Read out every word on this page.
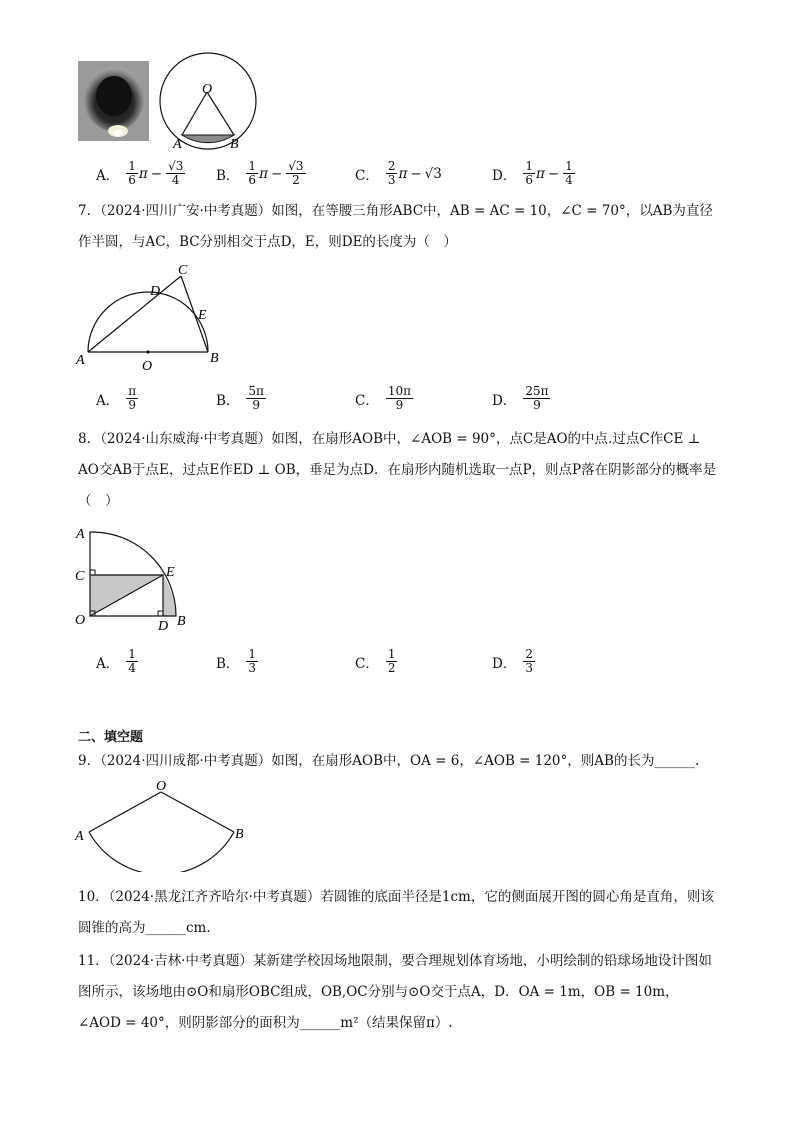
O
A	B
A． $\frac{1}{6}$ $\pi - \frac{√3}{4}$ B． $\frac{1}{6}$ $\pi - \frac{√3}{2}$	C． $\frac{2}{3}$ π − √3	D． $\frac{1}{6}$ $\pi - \frac{1}{4}$

7．（2024·四川广安·中考真题）如图，在等腰三角形ABC中，AB = AC = 10，∠C = 70°，以AB为直径作半圆，与AC，BC分别相交于点D，E，则DE的长度为（　）

A	B
C
D
E
O
A． $\frac{\pi}{9}$	B． $\frac{5\pi}{9}$	C． $\frac{10\pi}{9}$	D． $\frac{25\pi}{9}$

8．（2024·山东威海·中考真题）如图，在扇形AOB中，∠AOB = 90°，点C是AO的中点.过点C作CE ⊥ AO交AB于点E，过点E作ED ⊥ OB，垂足为点D．在扇形内随机选取一点P，则点P落在阴影部分的概率是（　）

A
C	E
O	D B
A． $\frac{1}{4}$	B． $\frac{1}{3}$	C． $\frac{1}{2}$	D． $\frac{2}{3}$
二、填空题

9．（2024·四川成都·中考真题）如图，在扇形AOB中，OA = 6，∠AOB = 120°，则AB的长为______.

O
A	B

10．（2024·黑龙江齐齐哈尔·中考真题）若圆锥的底面半径是1cm，它的侧面展开图的圆心角是直角，则该圆锥的高为______cm.

11．（2024·吉林·中考真题）某新建学校因场地限制，要合理规划体育场地，小明绘制的铅球场地设计图如图所示，该场地由⊙O和扇形OBC组成，OB,OC分别与⊙O交于点A，D．OA = 1m，OB = 10m，∠AOD = 40°，则阴影部分的面积为______m²（结果保留π）.
